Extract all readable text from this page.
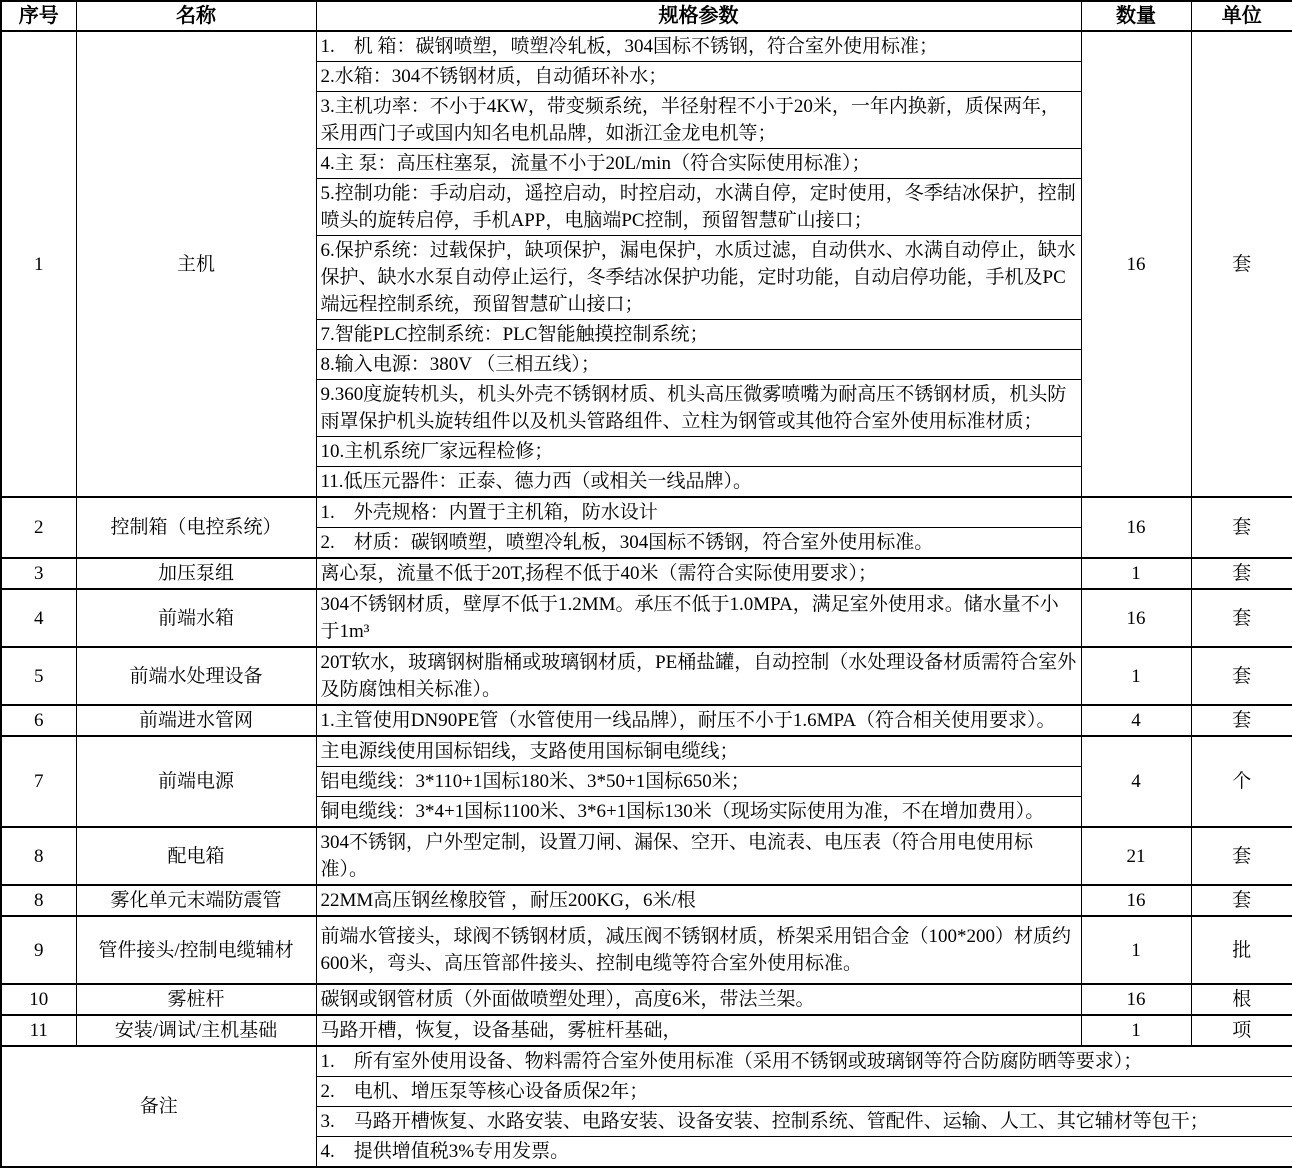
序号	名称	规格参数	数量	单位
1	主机	1.　机 箱：碳钢喷塑，喷塑冷轧板，304国标不锈钢，符合室外使用标准；	16	套
		2.水箱：304不锈钢材质，自动循环补水；		
		3.主机功率：不小于4KW，带变频系统，半径射程不小于20米，一年内换新，质保两年，采用西门子或国内知名电机品牌，如浙江金龙电机等；		
		4.主 泵：高压柱塞泵，流量不小于20L/min（符合实际使用标准）；		
		5.控制功能：手动启动，遥控启动，时控启动，水满自停，定时使用，冬季结冰保护，控制喷头的旋转启停，手机APP，电脑端PC控制，预留智慧矿山接口；		
		6.保护系统：过载保护，缺项保护，漏电保护，水质过滤，自动供水、水满自动停止，缺水保护、缺水水泵自动停止运行，冬季结冰保护功能，定时功能，自动启停功能，手机及PC端远程控制系统，预留智慧矿山接口；		
		7.智能PLC控制系统：PLC智能触摸控制系统；		
		8.输入电源：380V （三相五线）；		
		9.360度旋转机头，机头外壳不锈钢材质、机头高压微雾喷嘴为耐高压不锈钢材质，机头防雨罩保护机头旋转组件以及机头管路组件、立柱为钢管或其他符合室外使用标准材质；		
		10.主机系统厂家远程检修；		
		11.低压元器件：正泰、德力西（或相关一线品牌）。		
2	控制箱（电控系统）	1.　外壳规格：内置于主机箱，防水设计	16	套
		2.　材质：碳钢喷塑，喷塑冷轧板，304国标不锈钢，符合室外使用标准。		
3	加压泵组	离心泵，流量不低于20T,扬程不低于40米（需符合实际使用要求）；	1	套
4	前端水箱	304不锈钢材质，壁厚不低于1.2MM。承压不低于1.0MPA，满足室外使用求。储水量不小于1m³	16	套
5	前端水处理设备	20T软水，玻璃钢树脂桶或玻璃钢材质，PE桶盐罐，自动控制（水处理设备材质需符合室外及防腐蚀相关标准）。	1	套
6	前端进水管网	1.主管使用DN90PE管（水管使用一线品牌），耐压不小于1.6MPA（符合相关使用要求）。	4	套
7	前端电源	主电源线使用国标铝线，支路使用国标铜电缆线；	4	个
		铝电缆线：3*110+1国标180米、3*50+1国标650米；		
		铜电缆线：3*4+1国标1100米、3*6+1国标130米（现场实际使用为准，不在增加费用）。		
8	配电箱	304不锈钢，户外型定制，设置刀闸、漏保、空开、电流表、电压表（符合用电使用标准）。	21	套
8	雾化单元末端防震管	22MM高压钢丝橡胶管 ，耐压200KG，6米/根	16	套
9	管件接头/控制电缆辅材	前端水管接头，球阀不锈钢材质，减压阀不锈钢材质，桥架采用铝合金（100*200）材质约600米，弯头、高压管部件接头、控制电缆等符合室外使用标准。	1	批
10	雾桩杆	碳钢或钢管材质（外面做喷塑处理），高度6米，带法兰架。	16	根
11	安装/调试/主机基础	马路开槽，恢复，设备基础，雾桩杆基础，	1	项
备注		1.　所有室外使用设备、物料需符合室外使用标准（采用不锈钢或玻璃钢等符合防腐防晒等要求）；		
		2.　电机、增压泵等核心设备质保2年；		
		3.　马路开槽恢复、水路安装、电路安装、设备安装、控制系统、管配件、运输、人工、其它辅材等包干；		
		4.　提供增值税3%专用发票。		
